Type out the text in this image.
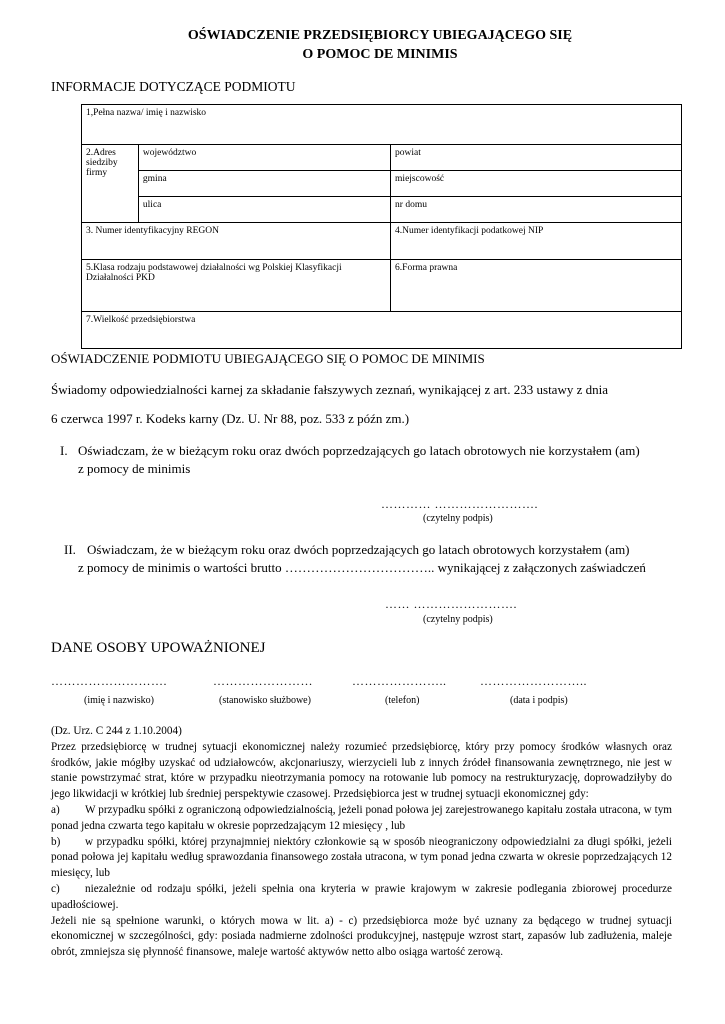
OŚWIADCZENIE PRZEDSIĘBIORCY UBIEGAJĄCEGO SIĘ
O POMOC DE MINIMIS
INFORMACJE DOTYCZĄCE PODMIOTU
1,Pełna nazwa/ imię i nazwisko		
2.Adres siedziby firmy	województwo	powiat
	gmina	miejscowość
	ulica	nr domu
3. Numer identyfikacyjny REGON		4.Numer identyfikacji podatkowej NIP
5.Klasa rodzaju podstawowej działalności wg Polskiej Klasyfikacji Działalności PKD		6.Forma prawna
7.Wielkość przedsiębiorstwa		
OŚWIADCZENIE PODMIOTU UBIEGAJĄCEGO SIĘ O POMOC DE MINIMIS
Świadomy odpowiedzialności karnej za składanie fałszywych zeznań, wynikającej z art. 233 ustawy z dnia
6 czerwca 1997 r. Kodeks karny (Dz. U. Nr 88, poz. 533 z późn zm.)
I. Oświadczam, że w bieżącym roku oraz dwóch poprzedzających go latach obrotowych nie korzystałem (am)
z pomocy de minimis
………… …………………….
(czytelny podpis)
II. Oświadczam, że w bieżącym roku oraz dwóch poprzedzających go latach obrotowych korzystałem (am)
z pomocy de minimis o wartości brutto …………………………….. wynikającej z załączonych zaświadczeń
…… …………………….
(czytelny podpis)
DANE OSOBY UPOWAŻNIONEJ
……………………….	……………………	…………………..	……………………..
(imię i nazwisko)	(stanowisko służbowe)	(telefon)	(data i podpis)
(Dz. Urz. C 244 z 1.10.2004)
Przez przedsiębiorcę w trudnej sytuacji ekonomicznej należy rozumieć przedsiębiorcę, który przy pomocy środków własnych oraz środków, jakie mógłby uzyskać od udziałowców, akcjonariuszy, wierzycieli lub z innych źródeł finansowania zewnętrznego, nie jest w stanie powstrzymać strat, które w przypadku nieotrzymania pomocy na rotowanie lub pomocy na restrukturyzację, doprowadziłyby do jego likwidacji w krótkiej lub średniej perspektywie czasowej. Przedsiębiorca jest w trudnej sytuacji ekonomicznej gdy:
a) W przypadku spółki z ograniczoną odpowiedzialnością, jeżeli ponad połowa jej zarejestrowanego kapitału została utracona, w tym ponad jedna czwarta tego kapitału w okresie poprzedzającym 12 miesięcy , lub
b) w przypadku spółki, której przynajmniej niektóry członkowie są w sposób nieograniczony odpowiedzialni za długi spółki, jeżeli ponad połowa jej kapitału według sprawozdania finansowego została utracona, w tym ponad jedna czwarta w okresie poprzedzających 12 miesięcy, lub
c) niezależnie od rodzaju spółki, jeżeli spełnia ona kryteria w prawie krajowym w zakresie podlegania zbiorowej procedurze upadłościowej.
Jeżeli nie są spełnione warunki, o których mowa w lit. a) - c) przedsiębiorca może być uznany za będącego w trudnej sytuacji ekonomicznej w szczególności, gdy: posiada nadmierne zdolności produkcyjnej, następuje wzrost start, zapasów lub zadłużenia, maleje obrót, zmniejsza się płynność finansowe, maleje wartość aktywów netto albo osiąga wartość zerową.
